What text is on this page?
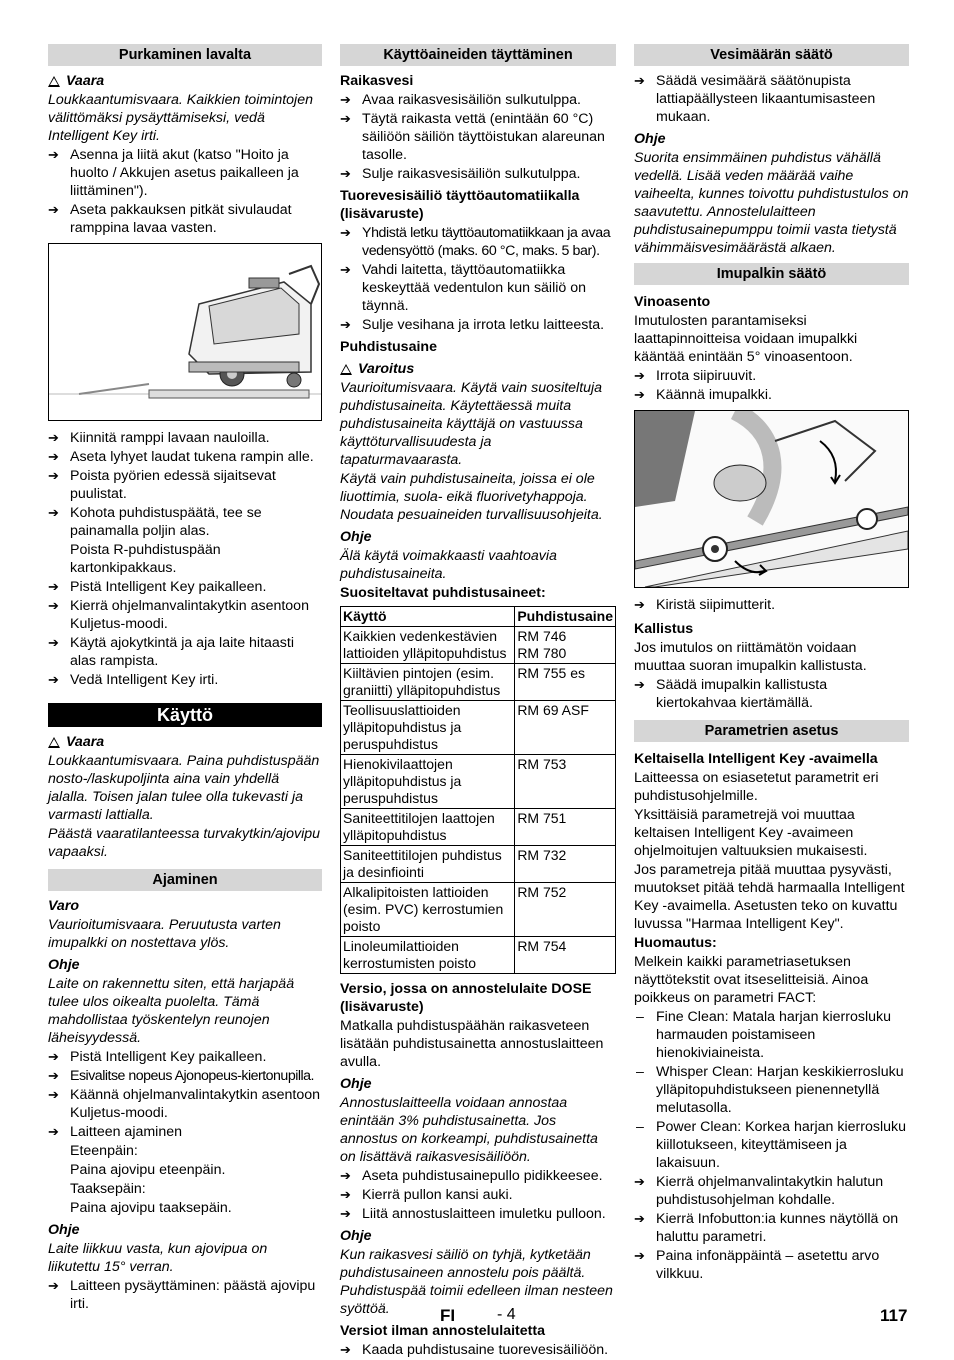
Purkaminen lavalta
Vaara
Loukkaantumisvaara. Kaikkien toimintojen välittömäksi pysäyttämiseksi, vedä Intelligent Key irti.
➔ Asenna ja liitä akut (katso "Hoito ja huolto / Akkujen asetus paikalleen ja liittäminen").
➔ Aseta pakkauksen pitkät sivulaudat ramppina lavaa vasten.
➔ Kiinnitä ramppi lavaan nauloilla.
➔ Aseta lyhyet laudat tukena rampin alle.
➔ Poista pyörien edessä sijaitsevat puulistat.
➔ Kohota puhdistuspäätä, tee se painamalla poljin alas.
Poista R-puhdistuspään kartonkipakkaus.
➔ Pistä Intelligent Key paikalleen.
➔ Kierrä ohjelmanvalintakytkin asentoon Kuljetus-moodi.
➔ Käytä ajokytkintä ja aja laite hitaasti alas rampista.
➔ Vedä Intelligent Key irti.
Käyttö
Vaara
Loukkaantumisvaara. Paina puhdistuspään nosto-/laskupoljinta aina vain yhdellä jalalla. Toisen jalan tulee olla tukevasti ja varmasti lattialla.
Päästä vaaratilanteessa turvakytkin/ajovipu vapaaksi.
Ajaminen
Varo
Vaurioitumisvaara. Peruutusta varten imupalkki on nostettava ylös.
Ohje
Laite on rakennettu siten, että harjapää tulee ulos oikealta puolelta. Tämä mahdollistaa työskentelyn reunojen läheisyydessä.
➔ Pistä Intelligent Key paikalleen.
➔ Esivalitse nopeus Ajonopeus-kiertonupilla.
➔ Käännä ohjelmanvalintakytkin asentoon Kuljetus-moodi.
➔ Laitteen ajaminen
Eteenpäin:
Paina ajovipu eteenpäin.
Taaksepäin:
Paina ajovipu taaksepäin.
Ohje
Laite liikkuu vasta, kun ajovipua on liikutettu 15° verran.
➔ Laitteen pysäyttäminen: päästä ajovipu irti.
Käyttöaineiden täyttäminen
Raikasvesi
➔ Avaa raikasvesisäiliön sulkutulppa.
➔ Täytä raikasta vettä (enintään 60 °C) säiliöön säiliön täyttöistukan alareunan tasolle.
➔ Sulje raikasvesisäiliön sulkutulppa.
Tuorevesisäiliö täyttöautomatiikalla (lisävaruste)
➔ Yhdistä letku täyttöautomatiikkaan ja avaa vedensyöttö (maks. 60 °C, maks. 5 bar).
➔ Vahdi laitetta, täyttöautomatiikka keskeyttää vedentulon kun säiliö on täynnä.
➔ Sulje vesihana ja irrota letku laitteesta.
Puhdistusaine
Varoitus
Vaurioitumisvaara. Käytä vain suositeltuja puhdistusaineita. Käytettäessä muita puhdistusaineita käyttäjä on vastuussa käyttöturvallisuudesta ja tapaturmavaarasta.
Käytä vain puhdistusaineita, joissa ei ole liuottimia, suola- eikä fluorivetyhappoja. Noudata pesuaineiden turvallisuusohjeita.
Ohje
Älä käytä voimakkaasti vaahtoavia puhdistusaineita.
Suositeltavat puhdistusaineet:
Käyttö	Puhdistusaine
Kaikkien vedenkestävien lattioiden ylläpitopuhdistus	RM 746
RM 780
Kiiltävien pintojen (esim. graniitti) ylläpitopuhdistus	RM 755 es
Teollisuuslattioiden ylläpitopuhdistus ja peruspuhdistus	RM 69 ASF
Hienokivilaattojen ylläpitopuhdistus ja peruspuhdistus	RM 753
Saniteettitilojen laattojen ylläpitopuhdistus	RM 751
Saniteettitilojen puhdistus ja desinfiointi	RM 732
Alkalipitoisten lattioiden (esim. PVC) kerrostumien poisto	RM 752
Linoleumilattioiden kerrostumisten poisto	RM 754
Versio, jossa on annostelulaite DOSE (lisävaruste)
Matkalla puhdistuspäähän raikasveteen lisätään puhdistusainetta annostuslaitteen avulla.
Ohje
Annostuslaitteella voidaan annostaa enintään 3% puhdistusainetta. Jos annostus on korkeampi, puhdistusainetta on lisättävä raikasvesisäiliöön.
➔ Aseta puhdistusainepullo pidikkeesee.
➔ Kierrä pullon kansi auki.
➔ Liitä annostuslaitteen imuletku pulloon.
Ohje
Kun raikasvesi säiliö on tyhjä, kytketään puhdistusaineen annostelu pois päältä. Puhdistuspää toimii edelleen ilman nesteen syöttöä.
Versiot ilman annostelulaitetta
➔ Kaada puhdistusaine tuorevesisäiliöön.
Vesimäärän säätö
➔ Säädä vesimäärä säätönupista lattiapäällysteen likaantumisasteen mukaan.
Ohje
Suorita ensimmäinen puhdistus vähällä vedellä. Lisää veden määrää vaihe vaiheelta, kunnes toivottu puhdistustulos on saavutettu. Annostelulaitteen puhdistusainepumppu toimii vasta tietystä vähimmäisvesimäärästä alkaen.
Imupalkin säätö
Vinoasento
Imutulosten parantamiseksi laattapinnoitteisa voidaan imupalkki kääntää enintään 5° vinoasentoon.
➔ Irrota siipiruuvit.
➔ Käännä imupalkki.
➔ Kiristä siipimutterit.
Kallistus
Jos imutulos on riittämätön voidaan muuttaa suoran imupalkin kallistusta.
➔ Säädä imupalkin kallistusta kiertokahvaa kiertämällä.
Parametrien asetus
Keltaisella Intelligent Key -avaimella
Laitteessa on esiasetetut parametrit eri puhdistusohjelmille.
Yksittäisiä parametrejä voi muuttaa keltaisen Intelligent Key -avaimeen ohjelmoitujen valtuuksien mukaisesti.
Jos parametreja pitää muuttaa pysyvästi, muutokset pitää tehdä harmaalla Intelligent Key -avaimella. Asetusten teko on kuvattu luvussa "Harmaa Intelligent Key".
Huomautus:
Melkein kaikki parametriasetuksen näyttötekstit ovat itseselitteisiä. Ainoa poikkeus on parametri FACT:
– Fine Clean: Matala harjan kierrosluku harmauden poistamiseen hienokiviaineista.
– Whisper Clean: Harjan keskikierrosluku ylläpitopuhdistukseen pienennetyllä melutasolla.
– Power Clean: Korkea harjan kierrosluku kiillotukseen, kiteyttämiseen ja lakaisuun.
➔ Kierrä ohjelmanvalintakytkin halutun puhdistusohjelman kohdalle.
➔ Kierrä Infobutton:ia kunnes näytöllä on haluttu parametri.
➔ Paina infonäppäintä – asetettu arvo vilkkuu.
FI	- 4	117
